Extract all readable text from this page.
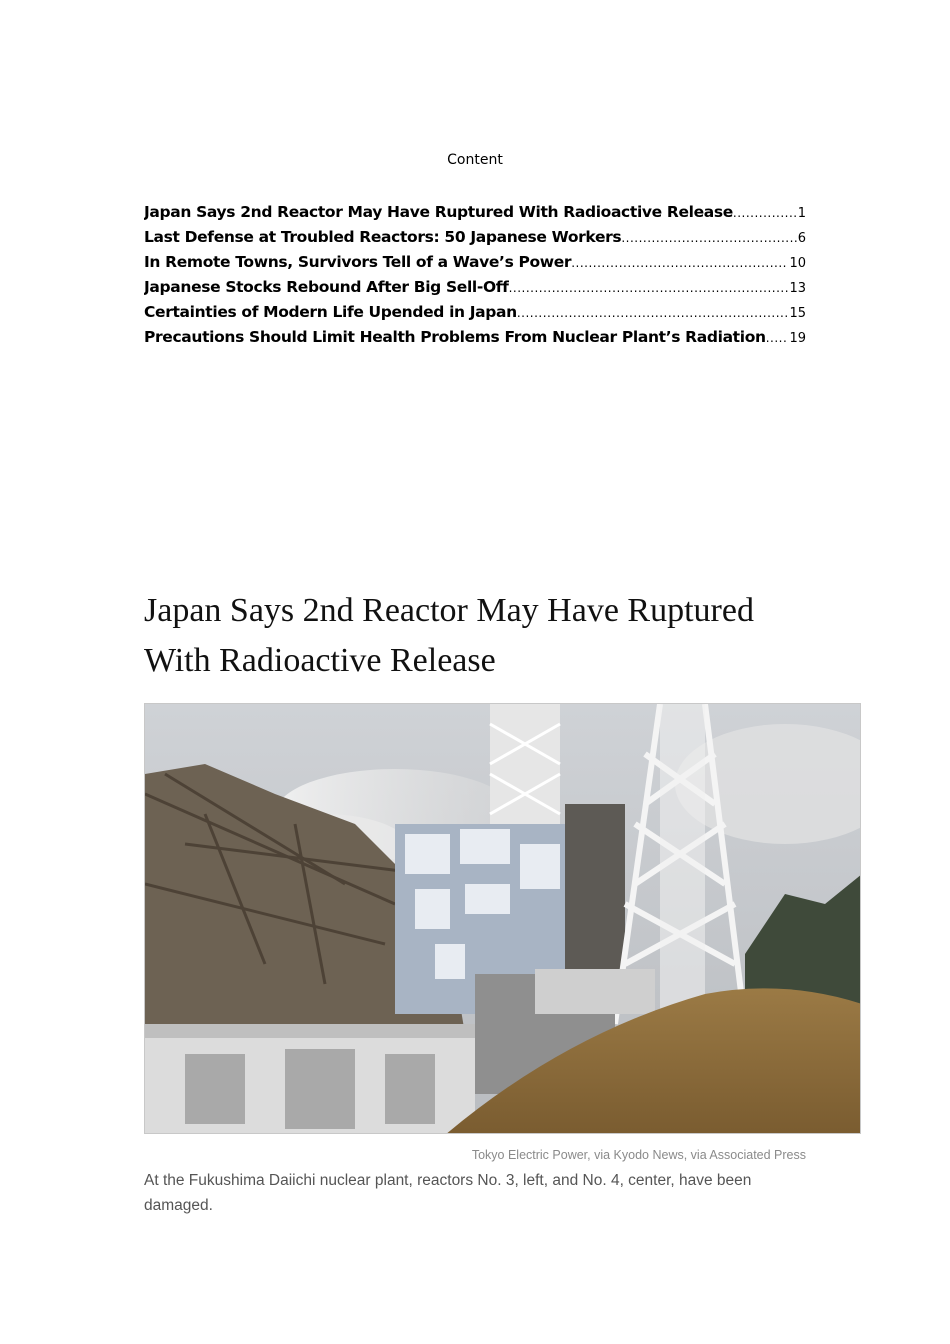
Content

Japan Says 2nd Reactor May Have Ruptured With Radioactive Release .....	1
Last Defense at Troubled Reactors: 50 Japanese Workers .....	6
In Remote Towns, Survivors Tell of a Wave’s Power .....	10
Japanese Stocks Rebound After Big Sell-Off .....	13
Certainties of Modern Life Upended in Japan .....	15
Precautions Should Limit Health Problems From Nuclear Plant’s Radiation ..... 19
Japan Says 2nd Reactor May Have Ruptured With Radioactive Release

Tokyo Electric Power, via Kyodo News, via Associated Press

At the Fukushima Daiichi nuclear plant, reactors No. 3, left, and No. 4, center, have been damaged.
